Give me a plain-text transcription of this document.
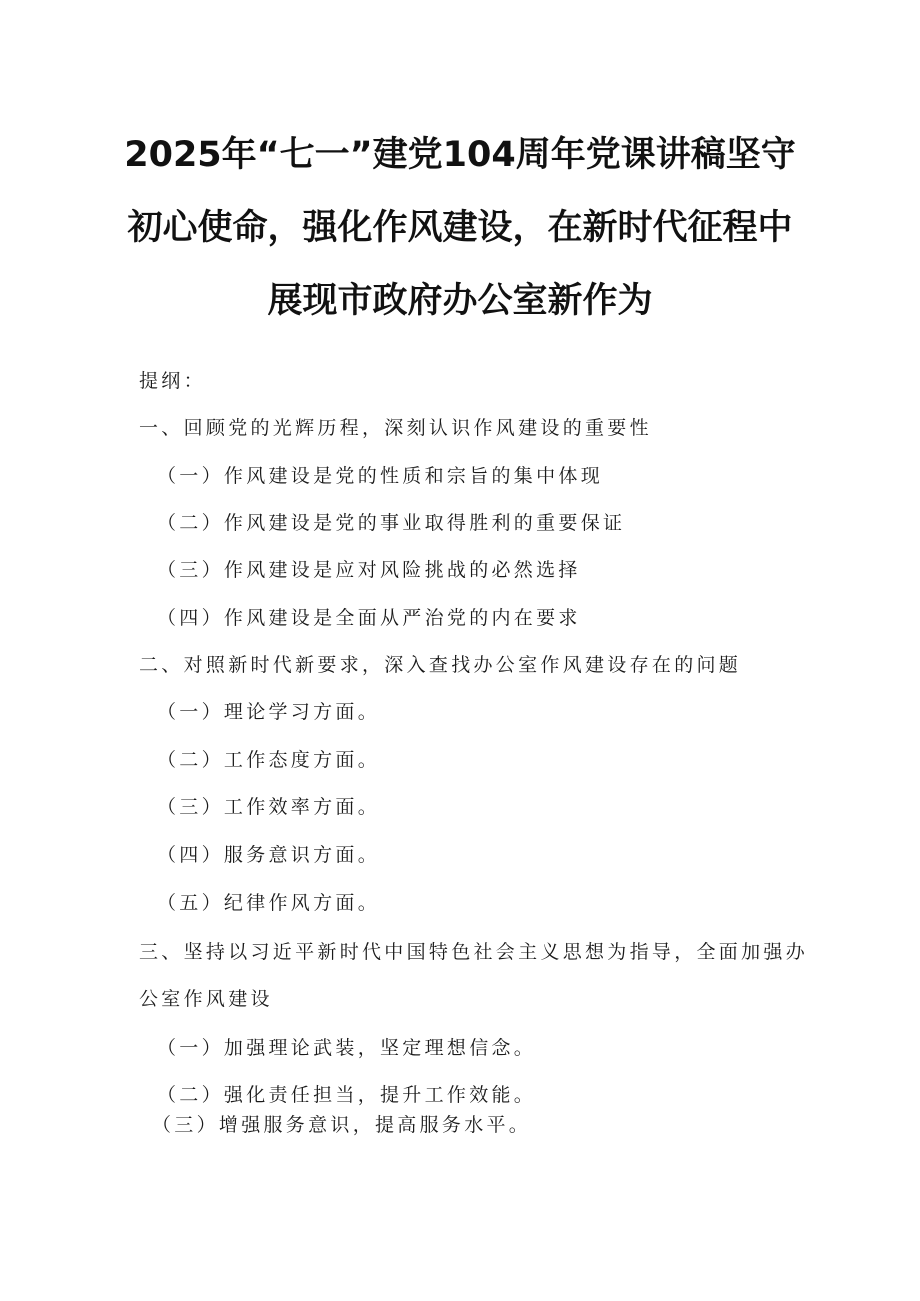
2025年“七一”建党104周年党课讲稿坚守
初心使命，强化作风建设，在新时代征程中
展现市政府办公室新作为
提纲：
一、回顾党的光辉历程，深刻认识作风建设的重要性
（一）作风建设是党的性质和宗旨的集中体现
（二）作风建设是党的事业取得胜利的重要保证
（三）作风建设是应对风险挑战的必然选择
（四）作风建设是全面从严治党的内在要求
二、对照新时代新要求，深入查找办公室作风建设存在的问题
（一）理论学习方面。
（二）工作态度方面。
（三）工作效率方面。
（四）服务意识方面。
（五）纪律作风方面。
三、坚持以习近平新时代中国特色社会主义思想为指导，全面加强办
公室作风建设
（一）加强理论武装，坚定理想信念。
（二）强化责任担当，提升工作效能。
（三）增强服务意识，提高服务水平。
